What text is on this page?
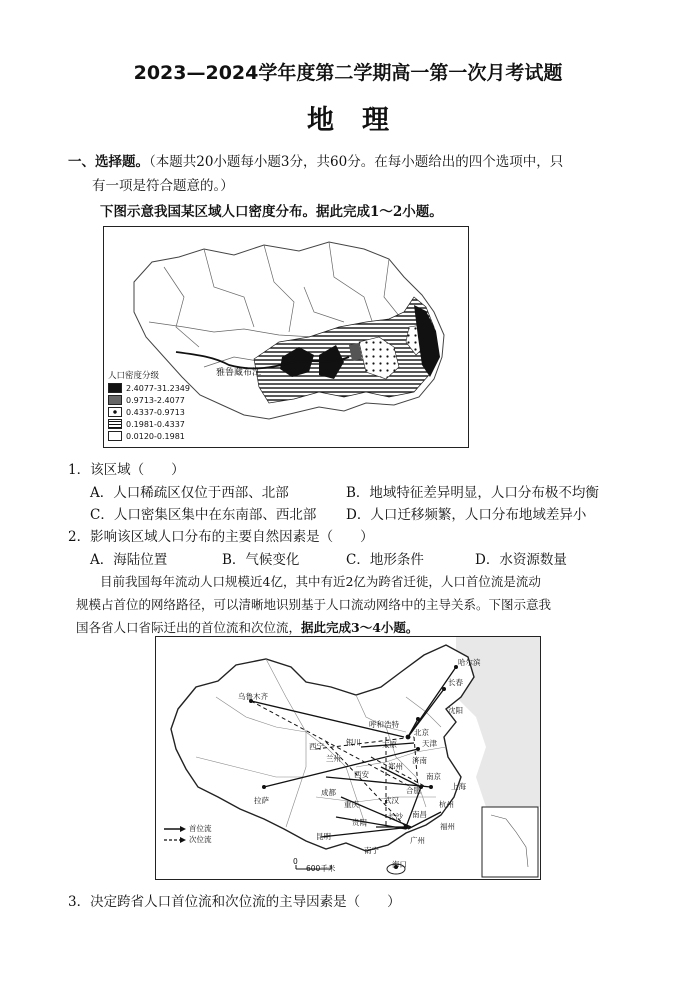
2023—2024学年度第二学期高一第一次月考试题
地理
一、选择题。（本题共20小题每小题3分，共60分。在每小题给出的四个选项中，只
有一项是符合题意的。）
下图示意我国某区域人口密度分布。据此完成1～2小题。
雅鲁藏布江
人口密度分级
2.4077-31.2349
0.9713-2.4077
0.4337-0.9713
0.1981-0.4337
0.0120-0.1981
1．该区域（　　）
A．人口稀疏区仅位于西部、北部	B．地域特征差异明显，人口分布极不均衡
C．人口密集区集中在东南部、西北部 D．人口迁移频繁，人口分布地域差异小
2．影响该区域人口分布的主要自然因素是（　　）
A．海陆位置	B．气候变化	C．地形条件	D．水资源数量
目前我国每年流动人口规模近4亿，其中有近2亿为跨省迁徙，人口首位流是流动
规模占首位的网络路径，可以清晰地识别基于人口流动网络中的主导关系。下图示意我
国各省人口省际迁出的首位流和次位流，据此完成3～4小题。
首位流
次位流
0
600千米
乌鲁木齐
哈尔滨
长春
沈阳
呼和浩特
北京
天津
银川	太原
西宁
兰州	济南
郑州
西安	南京
上海
合肥
成都
重庆	武汉	杭州
拉萨
长沙 南昌
贵阳	福州
昆明
南宁
广州
海口
3．决定跨省人口首位流和次位流的主导因素是（　　）
